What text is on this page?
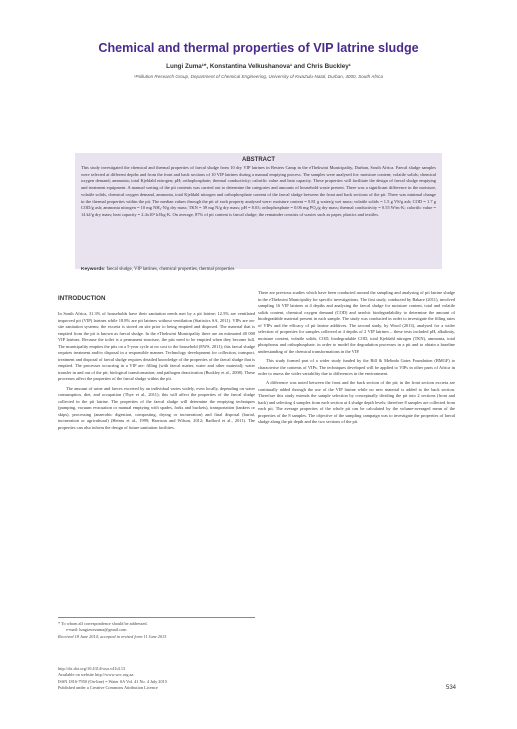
Chemical and thermal properties of VIP latrine sludge
Lungi Zuma¹*, Konstantina Velkushanova¹ and Chris Buckley¹
¹Pollution Research Group, Department of Chemical Engineering, University of KwaZulu-Natal, Durban, 4000, South Africa
ABSTRACT

This study investigated the chemical and thermal properties of faecal sludge from 10 dry VIP latrines in Besters Camp in the eThekwini Municipality, Durban, South Africa. Faecal sludge samples were selected at different depths and from the front and back sections of 10 VIP latrines during a manual emptying process. The samples were analysed for: moisture content; volatile solids; chemical oxygen demand; ammonia; total Kjeldahl nitrogen; pH; orthophosphate; thermal conductivity; calorific value and heat capacity. These properties will facilitate the design of faecal sludge emptying and treatment equipment. A manual sorting of the pit contents was carried out to determine the categories and amounts of household waste present. There was a significant difference in the moisture, volatile solids, chemical oxygen demand, ammonia, total Kjeldahl nitrogen and orthophosphate content of the faecal sludge between the front and back sections of the pit. There was minimal change in the thermal properties within the pit. The median values through the pit of each property analysed were: moisture content = 0.81 g water/g wet mass; volatile solids = 1.5 g VS/g ash; COD = 1.7 g COD/g ash; ammonia nitrogen = 10 mg NH₃-N/g dry mass; TKN = 39 mg N/g dry mass; pH = 8.03; orthophosphate = 0.06 mg PO₄/g dry mass; thermal conductivity = 0.55 W/m·K; calorific value = 14 kJ/g dry mass; heat capacity = 2.4x10³ kJ/kg·K. On average, 87% of pit content is faecal sludge; the remainder consists of wastes such as paper, plastics and textiles.

Keywords: faecal sludge, VIP latrines, chemical properties, thermal properties
INTRODUCTION

In South Africa, 31.3% of households have their sanitation needs met by a pit latrine; 12.5% are ventilated improved pit (VIP) latrines while 18.8% are pit latrines without ventilation (Statistics SA, 2011). VIPs are on-site sanitation systems; the excreta is stored on site prior to being emptied and disposed. The material that is emptied from the pit is known as faecal sludge. In the eThekwini Municipality there are an estimated 40 000 VIP latrines. Because the toilet is a permanent structure, the pits need to be emptied when they become full. The municipality empties the pits on a 5-year cycle at no cost to the household (EWS, 2011); this faecal sludge requires treatment and/or disposal in a responsible manner. Technology development for collection, transport, treatment and disposal of faecal sludge requires detailed knowledge of the properties of the faecal sludge that is emptied. The processes occurring in a VIP are: filling (with faecal matter, water and other material); water transfer in and out of the pit; biological transformation; and pathogen deactivation (Buckley et al., 2008). These processes affect the properties of the faecal sludge within the pit.

The amount of urine and faeces excreted by an individual varies widely, even locally, depending on water consumption, diet, and occupation (Thye et al., 2011); this will affect the properties of the faecal sludge collected in the pit latrine. The properties of the faecal sludge will determine the emptying techniques (pumping, vacuum evacuation or manual emptying with spades, forks and buckets), transportation (tankers or skips), processing (anaerobic digestion, composting, drying or incineration) and final disposal (burial, incineration or agricultural) (Heinss et al., 1999; Harrison and Wilson, 2012; Radford et al., 2011). The properties can also inform the design of future sanitation facilities.

There are previous studies which have been conducted around the sampling and analysing of pit latrine sludge in the eThekwini Municipality for specific investigations. The first study, conducted by Bakare (2011), involved sampling 16 VIP latrines at 4 depths and analysing the faecal sludge for moisture content, total and volatile solids content, chemical oxygen demand (COD) and aerobic biodegradability to determine the amount of biodegradable material present in each sample. The study was conducted in order to investigate the filling rates of VIPs and the efficacy of pit latrine additives. The second study, by Wood (2013), analysed for a wider selection of properties for samples collected at 4 depths of 2 VIP latrines – these tests included pH, alkalinity, moisture content, volatile solids, COD, biodegradable COD, total Kjeldahl nitrogen (TKN), ammonia, total phosphorus and orthophosphate, in order to model the degradation processes in a pit and to obtain a baseline understanding of the chemical transformations in the VIP.

This study formed part of a wider study funded by the Bill & Melinda Gates Foundation (BMGF) to characterise the contents of VIPs. The techniques developed will be applied to VIPs in other parts of Africa in order to assess the wider variability due to differences in the environment.

A difference was noted between the front and the back section of the pit; in the front section excreta are continually added through the use of the VIP latrine while no new material is added to the back section. Therefore this study extends the sample selection by conceptually dividing the pit into 2 sections (front and back) and selecting 4 samples from each section at 4 sludge depth levels; therefore 8 samples are collected from each pit. The average properties of the whole pit can be calculated by the volume-averaged mean of the properties of the 8 samples. The objective of the sampling campaign was to investigate the properties of faecal sludge along the pit depth and the two sections of the pit.

* To whom all correspondence should be addressed.
e-mail: lungizwezuma@gmail.com
Received 18 June 2014; accepted in revised form 11 June 2015
http://dx.doi.org/10.4314/wsa.v41i4.13
Available on website http://www.wrc.org.za
ISSN 1816-7950 (On-line) = Water SA Vol. 41 No. 4 July 2015
Published under a Creative Commons Attribution Licence	534
